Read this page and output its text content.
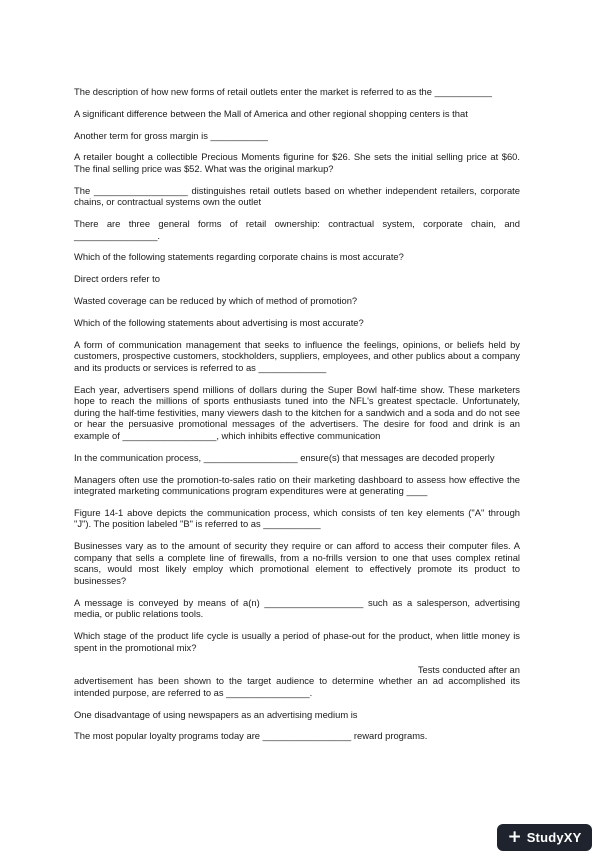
The description of how new forms of retail outlets enter the market is referred to as the ___________

A significant difference between the Mall of America and other regional shopping centers is that

Another term for gross margin is ___________

A retailer bought a collectible Precious Moments figurine for $26. She sets the initial selling price at $60. The final selling price was $52. What was the original markup?

The __________________ distinguishes retail outlets based on whether independent retailers, corporate chains, or contractual systems own the outlet

There are three general forms of retail ownership: contractual system, corporate chain, and ________________.

Which of the following statements regarding corporate chains is most accurate?

Direct orders refer to

Wasted coverage can be reduced by which of method of promotion?

Which of the following statements about advertising is most accurate?

A form of communication management that seeks to influence the feelings, opinions, or beliefs held by customers, prospective customers, stockholders, suppliers, employees, and other publics about a company and its products or services is referred to as _____________

Each year, advertisers spend millions of dollars during the Super Bowl half-time show. These marketers hope to reach the millions of sports enthusiasts tuned into the NFL's greatest spectacle. Unfortunately, during the half-time festivities, many viewers dash to the kitchen for a sandwich and a soda and do not see or hear the persuasive promotional messages of the advertisers. The desire for food and drink is an example of __________________, which inhibits effective communication

In the communication process, __________________ ensure(s) that messages are decoded properly

Managers often use the promotion-to-sales ratio on their marketing dashboard to assess how effective the integrated marketing communications program expenditures were at generating ____

Figure 14-1 above depicts the communication process, which consists of ten key elements ("A" through "J"). The position labeled "B" is referred to as ___________

Businesses vary as to the amount of security they require or can afford to access their computer files. A company that sells a complete line of firewalls, from a no-frills version to one that uses complex retinal scans, would most likely employ which promotional element to effectively promote its product to businesses?

A message is conveyed by means of a(n) ___________________ such as a salesperson, advertising media, or public relations tools.

Which stage of the product life cycle is usually a period of phase-out for the product, when little money is spent in the promotional mix?

Tests conducted after an
advertisement has been shown to the target audience to determine whether an ad accomplished its intended purpose, are referred to as ________________.

One disadvantage of using newspapers as an advertising medium is

The most popular loyalty programs today are _________________ reward programs.

+ StudyXY
